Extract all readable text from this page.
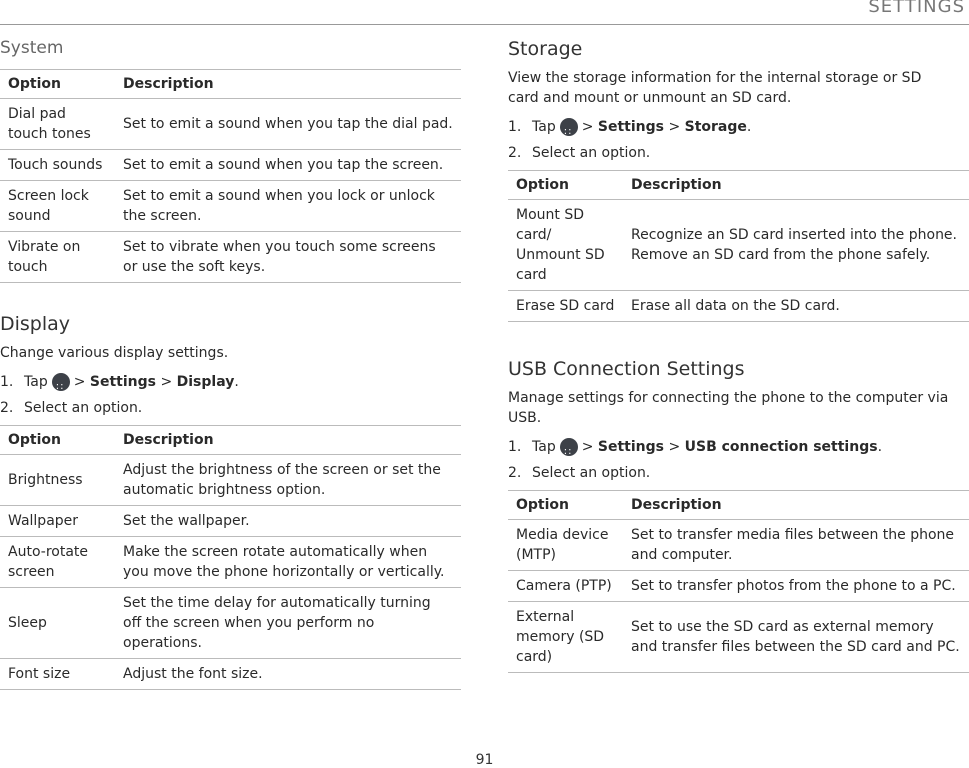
SETTINGS
System
Option	Description
Dial pad touch tones	Set to emit a sound when you tap the dial pad.
Touch sounds	Set to emit a sound when you tap the screen.
Screen lock sound	Set to emit a sound when you lock or unlock the screen.
Vibrate on touch	Set to vibrate when you touch some screens or use the soft keys.
Display

Change various display settings.

1. Tap :: >
Settings
>
Display .
2. Select an option.
Option	Description
Brightness	Adjust the brightness of the screen or set the automatic brightness option.
Wallpaper	Set the wallpaper.
Auto-rotate screen	Make the screen rotate automatically when you move the phone horizontally or vertically.
Sleep	Set the time delay for automatically turning off the screen when you perform no operations.
Font size	Adjust the font size.
Storage

View the storage information for the internal storage or SD card and mount or unmount an SD card.

1. Tap :: >
Settings
>
Storage .
2. Select an option.
Option	Description
Mount SD card/ Unmount SD card	Recognize an SD card inserted into the phone. Remove an SD card from the phone safely.
Erase SD card	Erase all data on the SD card.
USB Connection Settings

Manage settings for connecting the phone to the computer via USB.

1. Tap :: >
Settings
>
USB connection settings .
2. Select an option.
Option	Description
Media device (MTP)	Set to transfer media files between the phone and computer.
Camera (PTP)	Set to transfer photos from the phone to a PC.
External memory (SD card)	Set to use the SD card as external memory and transfer files between the SD card and PC.
91
